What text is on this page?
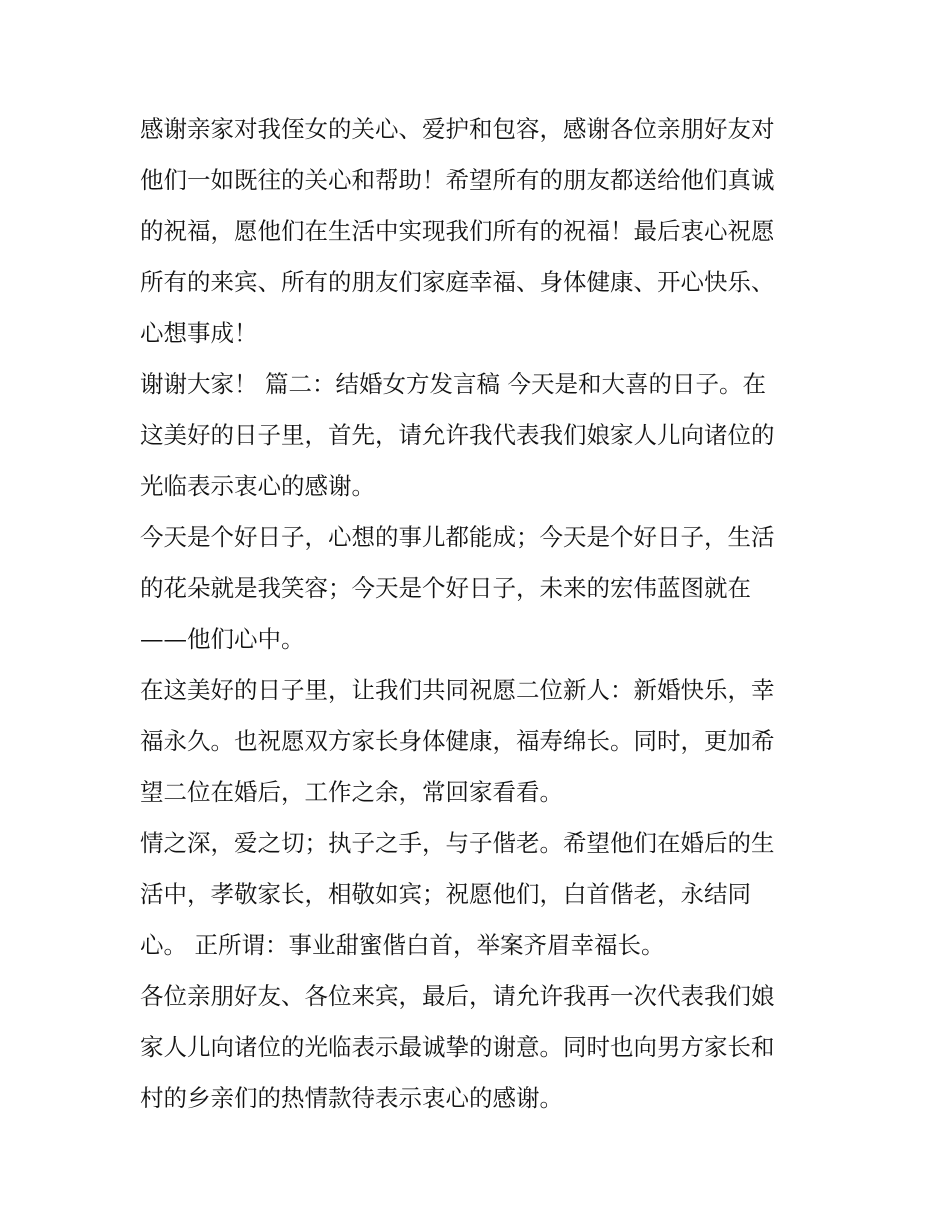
感谢亲家对我侄女的关心、爱护和包容，感谢各位亲朋好友对
他们一如既往的关心和帮助！希望所有的朋友都送给他们真诚
的祝福，愿他们在生活中实现我们所有的祝福！最后衷心祝愿
所有的来宾、所有的朋友们家庭幸福、身体健康、开心快乐、
心想事成！
谢谢大家！ 篇二：结婚女方发言稿 今天是和大喜的日子。在
这美好的日子里，首先，请允许我代表我们娘家人儿向诸位的
光临表示衷心的感谢。
今天是个好日子，心想的事儿都能成；今天是个好日子，生活
的花朵就是我笑容；今天是个好日子，未来的宏伟蓝图就在
——他们心中。
在这美好的日子里，让我们共同祝愿二位新人：新婚快乐，幸
福永久。也祝愿双方家长身体健康，福寿绵长。同时，更加希
望二位在婚后，工作之余，常回家看看。
情之深，爱之切；执子之手，与子偕老。希望他们在婚后的生
活中，孝敬家长，相敬如宾；祝愿他们，白首偕老，永结同
心。 正所谓：事业甜蜜偕白首，举案齐眉幸福长。
各位亲朋好友、各位来宾，最后，请允许我再一次代表我们娘
家人儿向诸位的光临表示最诚挚的谢意。同时也向男方家长和
村的乡亲们的热情款待表示衷心的感谢。
